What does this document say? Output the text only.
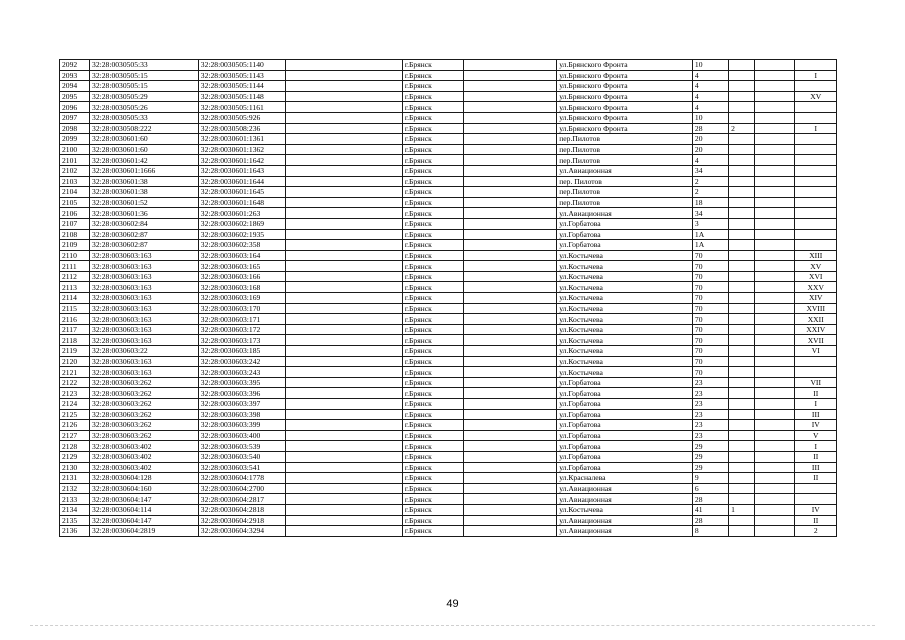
2092	32:28:0030505:33	32:28:0030505:1140		г.Брянск		ул.Брянского Фронта	10			
2093	32:28:0030505:15	32:28:0030505:1143		г.Брянск		ул.Брянского Фронта	4			I
2094	32:28:0030505:15	32:28:0030505:1144		г.Брянск		ул.Брянского Фронта	4			
2095	32:28:0030505:29	32:28:0030505:1148		г.Брянск		ул.Брянского Фронта	4			XV
2096	32:28:0030505:26	32:28:0030505:1161		г.Брянск		ул.Брянского Фронта	4			
2097	32:28:0030505:33	32:28:0030505:926		г.Брянск		ул.Брянского Фронта	10			
2098	32:28:0030508:222	32:28:0030508:236		г.Брянск		ул.Брянского Фронта	28	2		I
2099	32:28:0030601:60	32:28:0030601:1361		г.Брянск		пер.Пилотов	20			
2100	32:28:0030601:60	32:28:0030601:1362		г.Брянск		пер.Пилотов	20			
2101	32:28:0030601:42	32:28:0030601:1642		г.Брянск		пер.Пилотов	4			
2102	32:28:0030601:1666	32:28:0030601:1643		г.Брянск		ул.Авиационная	34			
2103	32:28:0030601:38	32:28:0030601:1644		г.Брянск		пер. Пилотов	2			
2104	32:28:0030601:38	32:28:0030601:1645		г.Брянск		пер.Пилотов	2			
2105	32:28:0030601:52	32:28:0030601:1648		г.Брянск		пер.Пилотов	18			
2106	32:28:0030601:36	32:28:0030601:263		г.Брянск		ул.Авиационная	34			
2107	32:28:0030602:84	32:28:0030602:1869		г.Брянск		ул.Горбатова	3			
2108	32:28:0030602:87	32:28:0030602:1935		г.Брянск		ул.Горбатова	1А			
2109	32:28:0030602:87	32:28:0030602:358		г.Брянск		ул.Горбатова	1А			
2110	32:28:0030603:163	32:28:0030603:164		г.Брянск		ул.Костычева	70			XIII
2111	32:28:0030603:163	32:28:0030603:165		г.Брянск		ул.Костычева	70			XV
2112	32:28:0030603:163	32:28:0030603:166		г.Брянск		ул.Костычева	70			XVI
2113	32:28:0030603:163	32:28:0030603:168		г.Брянск		ул.Костычева	70			XXV
2114	32:28:0030603:163	32:28:0030603:169		г.Брянск		ул.Костычева	70			XIV
2115	32:28:0030603:163	32:28:0030603:170		г.Брянск		ул.Костычева	70			XVIII
2116	32:28:0030603:163	32:28:0030603:171		г.Брянск		ул.Костычева	70			XXII
2117	32:28:0030603:163	32:28:0030603:172		г.Брянск		ул.Костычева	70			XXIV
2118	32:28:0030603:163	32:28:0030603:173		г.Брянск		ул.Костычева	70			XVII
2119	32:28:0030603:22	32:28:0030603:185		г.Брянск		ул.Костычева	70			VI
2120	32:28:0030603:163	32:28:0030603:242		г.Брянск		ул.Костычева	70			
2121	32:28:0030603:163	32:28:0030603:243		г.Брянск		ул.Костычева	70			
2122	32:28:0030603:262	32:28:0030603:395		г.Брянск		ул.Горбатова	23			VII
2123	32:28:0030603:262	32:28:0030603:396		г.Брянск		ул.Горбатова	23			II
2124	32:28:0030603:262	32:28:0030603:397		г.Брянск		ул.Горбатова	23			I
2125	32:28:0030603:262	32:28:0030603:398		г.Брянск		ул.Горбатова	23			III
2126	32:28:0030603:262	32:28:0030603:399		г.Брянск		ул.Горбатова	23			IV
2127	32:28:0030603:262	32:28:0030603:400		г.Брянск		ул.Горбатова	23			V
2128	32:28:0030603:402	32:28:0030603:539		г.Брянск		ул.Горбатова	29			I
2129	32:28:0030603:402	32:28:0030603:540		г.Брянск		ул.Горбатова	29			II
2130	32:28:0030603:402	32:28:0030603:541		г.Брянск		ул.Горбатова	29			III
2131	32:28:0030604:128	32:28:0030604:1778		г.Брянск		ул.Красналева	9			II
2132	32:28:0030604:160	32:28:0030604:2700		г.Брянск		ул.Авиационная	6			
2133	32:28:0030604:147	32:28:0030604:2817		г.Брянск		ул.Авиационная	28			
2134	32:28:0030604:114	32:28:0030604:2818		г.Брянск		ул.Костычева	41	1		IV
2135	32:28:0030604:147	32:28:0030604:2918		г.Брянск		ул.Авиационная	28			II
2136	32:28:0030604:2819	32:28:0030604:3294		г.Брянск		ул.Авиационная	8			2
49
